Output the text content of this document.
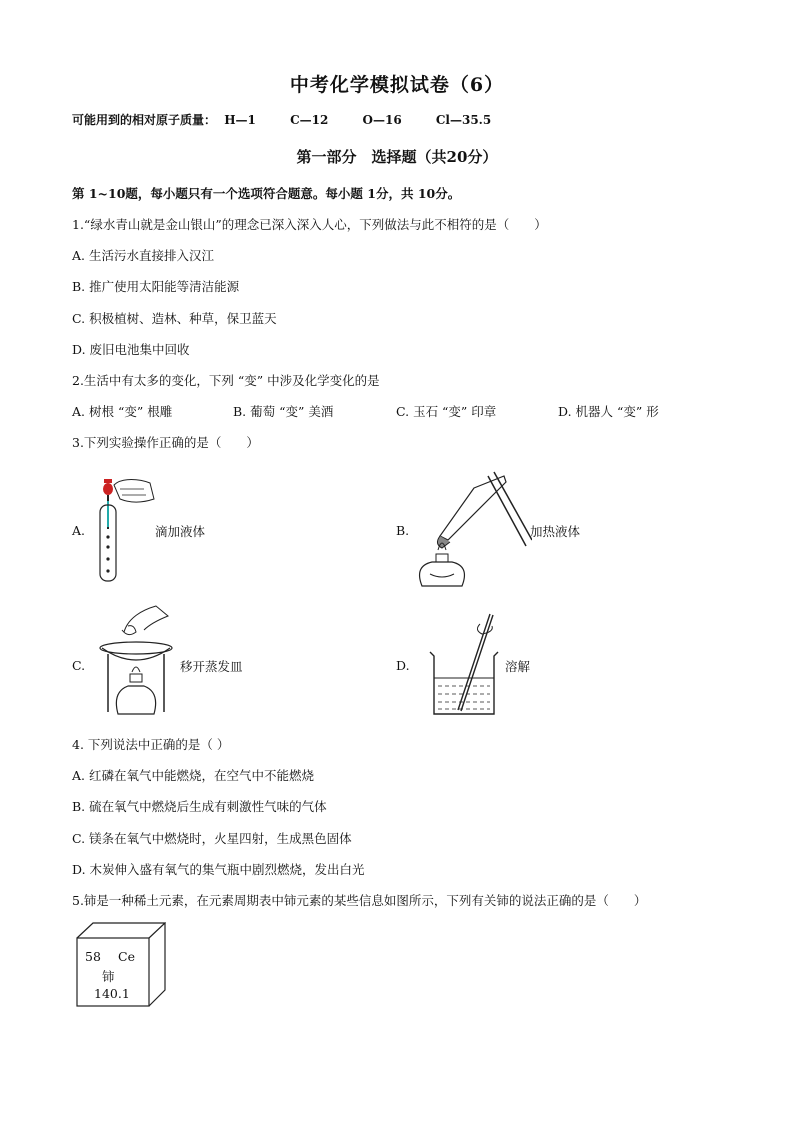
中考化学模拟试卷（6）
可能用到的相对原子质量： H—1	C—12	O—16	Cl—35.5
第一部分　选择题（共20分）
第 1~10题，每小题只有一个选项符合题意。每小题 1分，共 10分。
1.“绿水青山就是金山银山”的理念已深入深入人心，下列做法与此不相符的是（　　）
A. 生活污水直接排入汉江
B. 推广使用太阳能等清洁能源
C. 积极植树、造林、种草，保卫蓝天
D. 废旧电池集中回收
2.生活中有太多的变化，下列 “变” 中涉及化学变化的是
A. 树根 “变” 根雕	B. 葡萄 “变” 美酒	C. 玉石 “变” 印章	D. 机器人 “变” 形
3.下列实验操作正确的是（　　）
A.	滴加液体	B.	加热液体
C.	移开蒸发皿	D.	溶解
4. 下列说法中正确的是（ ）
A. 红磷在氧气中能燃烧，在空气中不能燃烧
B. 硫在氧气中燃烧后生成有刺激性气味的气体
C. 镁条在氧气中燃烧时，火星四射，生成黑色固体
D. 木炭伸入盛有氧气的集气瓶中剧烈燃烧，发出白光
5.铈是一种稀土元素，在元素周期表中铈元素的某些信息如图所示，下列有关铈的说法正确的是（　　）
58 Ce
铈
140.1
